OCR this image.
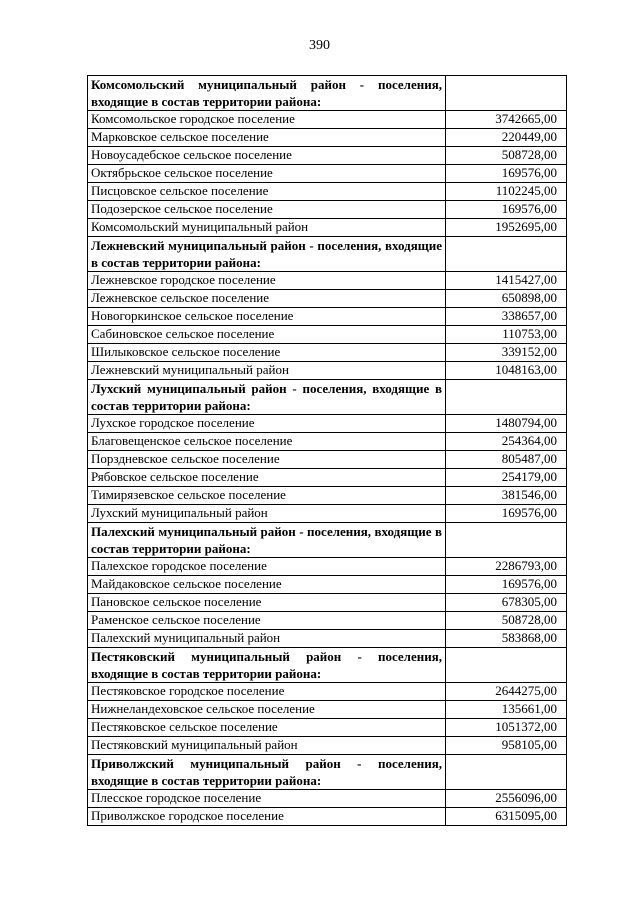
390
Комсомольский муниципальный район - поселения, входящие в состав территории района:	
Комсомольское городское поселение	3742665,00
Марковское сельское поселение	220449,00
Новоусадебское сельское поселение	508728,00
Октябрьское сельское поселение	169576,00
Писцовское сельское поселение	1102245,00
Подозерское сельское поселение	169576,00
Комсомольский муниципальный район	1952695,00
Лежневский муниципальный район - поселения, входящие в состав территории района:	
Лежневское городское поселение	1415427,00
Лежневское сельское поселение	650898,00
Новогоркинское сельское поселение	338657,00
Сабиновское сельское поселение	110753,00
Шилыковское сельское поселение	339152,00
Лежневский муниципальный район	1048163,00
Лухский муниципальный район - поселения, входящие в состав территории района:	
Лухское городское поселение	1480794,00
Благовещенское сельское поселение	254364,00
Порздневское сельское поселение	805487,00
Рябовское сельское поселение	254179,00
Тимирязевское сельское поселение	381546,00
Лухский муниципальный район	169576,00
Палехский муниципальный район - поселения, входящие в состав территории района:	
Палехское городское поселение	2286793,00
Майдаковское сельское поселение	169576,00
Пановское сельское поселение	678305,00
Раменское сельское поселение	508728,00
Палехский муниципальный район	583868,00
Пестяковский муниципальный район - поселения, входящие в состав территории района:	
Пестяковское городское поселение	2644275,00
Нижнеландеховское сельское поселение	135661,00
Пестяковское сельское поселение	1051372,00
Пестяковский муниципальный район	958105,00
Приволжский муниципальный район - поселения, входящие в состав территории района:	
Плесское городское поселение	2556096,00
Приволжское городское поселение	6315095,00
